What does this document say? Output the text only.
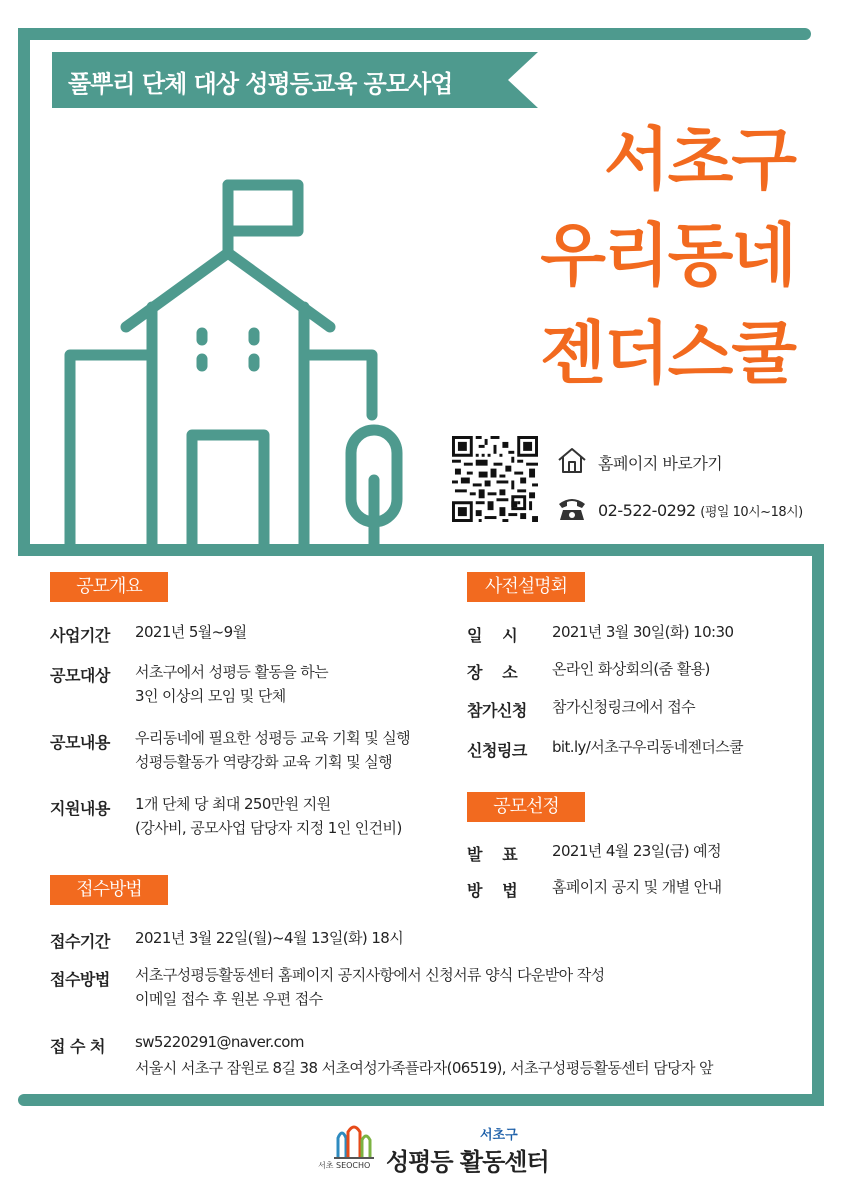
풀뿌리 단체 대상 성평등교육 공모사업
서초구
우리동네
젠더스쿨
홈페이지 바로가기
02-522-0292 (평일 10시~18시)
공모개요
사업기간 2021년 5월~9월
공모대상 서초구에서 성평등 활동을 하는
3인 이상의 모임 및 단체
공모내용 우리동네에 필요한 성평등 교육 기획 및 실행
성평등활동가 역량강화 교육 기획 및 실행
지원내용 1개 단체 당 최대 250만원 지원
(강사비, 공모사업 담당자 지정 1인 인건비)
사전설명회
일    시 2021년 3월 30일(화) 10:30
장    소 온라인 화상회의(줌 활용)
참가신청 참가신청링크에서 접수
신청링크 bit.ly/서초구우리동네젠더스쿨
공모선정
발    표 2021년 4월 23일(금) 예정
방    법 홈페이지 공지 및 개별 안내
접수방법
접수기간 2021년 3월 22일(월)~4월 13일(화) 18시
접수방법 서초구성평등활동센터 홈페이지 공지사항에서 신청서류 양식 다운받아 작성
이메일 접수 후 원본 우편 접수
접 수 처 sw5220291@naver.com
서울시 서초구 잠원로 8길 38 서초여성가족플라자(06519), 서초구성평등활동센터 담당자 앞
서초 SEOCHO
서초구
성평등 활동센터
